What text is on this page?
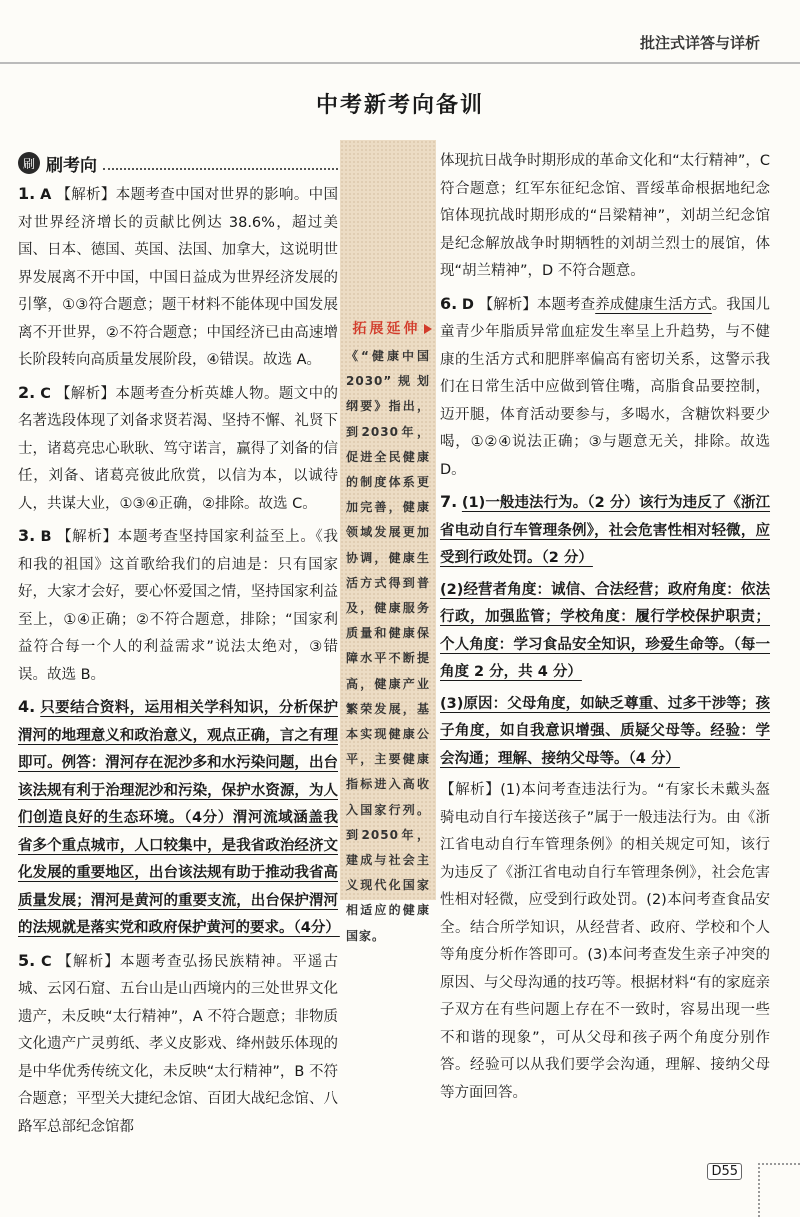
批注式详答与详析
中考新考向备训
拓展延伸
《“健康中国2030”规划纲要》指出，到2030年，促进全民健康的制度体系更加完善，健康领域发展更加协调，健康生活方式得到普及，健康服务质量和健康保障水平不断提高，健康产业繁荣发展，基本实现健康公平，主要健康指标进入高收入国家行列。到2050年，建成与社会主义现代化国家相适应的健康国家。
刷 刷考向

1. A 【解析】本题考查中国对世界的影响。中国对世界经济增长的贡献比例达 38.6%，超过美国、日本、德国、英国、法国、加拿大，这说明世界发展离不开中国，中国日益成为世界经济发展的引擎，①③符合题意；题干材料不能体现中国发展离不开世界，②不符合题意；中国经济已由高速增长阶段转向高质量发展阶段，④错误。故选 A。

2. C 【解析】本题考查分析英雄人物。题文中的名著选段体现了刘备求贤若渴、坚持不懈、礼贤下士，诸葛亮忠心耿耿、笃守诺言，赢得了刘备的信任，刘备、诸葛亮彼此欣赏，以信为本，以诚待人，共谋大业，①③④正确，②排除。故选 C。

3. B 【解析】本题考查坚持国家利益至上。《我和我的祖国》这首歌给我们的启迪是：只有国家好，大家才会好，要心怀爱国之情，坚持国家利益至上，①④正确；②不符合题意，排除；“国家利益符合每一个人的利益需求”说法太绝对，③错误。故选 B。

4. 只要结合资料，运用相关学科知识，分析保护渭河的地理意义和政治意义，观点正确，言之有理即可。例答：渭河存在泥沙多和水污染问题，出台该法规有利于治理泥沙和污染，保护水资源，为人们创造良好的生态环境。（4分）渭河流域涵盖我省多个重点城市，人口较集中，是我省政治经济文化发展的重要地区，出台该法规有助于推动我省高质量发展；渭河是黄河的重要支流，出台保护渭河的法规就是落实党和政府保护黄河的要求。（4分）

5. C 【解析】本题考查弘扬民族精神。平遥古城、云冈石窟、五台山是山西境内的三处世界文化遗产，未反映“太行精神”，A 不符合题意；非物质文化遗产广灵剪纸、孝义皮影戏、绛州鼓乐体现的是中华优秀传统文化，未反映“太行精神”，B 不符合题意；平型关大捷纪念馆、百团大战纪念馆、八路军总部纪念馆都

体现抗日战争时期形成的革命文化和“太行精神”，C 符合题意；红军东征纪念馆、晋绥革命根据地纪念馆体现抗战时期形成的“吕梁精神”，刘胡兰纪念馆是纪念解放战争时期牺牲的刘胡兰烈士的展馆，体现“胡兰精神”，D 不符合题意。

6. D 【解析】本题考查养成健康生活方式。我国儿童青少年脂质异常血症发生率呈上升趋势，与不健康的生活方式和肥胖率偏高有密切关系，这警示我们在日常生活中应做到管住嘴，高脂食品要控制，迈开腿，体育活动要参与，多喝水，含糖饮料要少喝，①②④说法正确；③与题意无关，排除。故选 D。

7. (1)一般违法行为。（2 分）该行为违反了《浙江省电动自行车管理条例》，社会危害性相对轻微，应受到行政处罚。（2 分）

(2)经营者角度：诚信、合法经营；政府角度：依法行政，加强监管；学校角度：履行学校保护职责；个人角度：学习食品安全知识，珍爱生命等。（每一角度 2 分，共 4 分）

(3)原因：父母角度，如缺乏尊重、过多干涉等；孩子角度，如自我意识增强、质疑父母等。经验：学会沟通；理解、接纳父母等。（4 分）

【解析】(1)本问考查违法行为。“有家长未戴头盔骑电动自行车接送孩子”属于一般违法行为。由《浙江省电动自行车管理条例》的相关规定可知，该行为违反了《浙江省电动自行车管理条例》，社会危害性相对轻微，应受到行政处罚。(2)本问考查食品安全。结合所学知识，从经营者、政府、学校和个人等角度分析作答即可。(3)本问考查发生亲子冲突的原因、与父母沟通的技巧等。根据材料“有的家庭亲子双方在有些问题上存在不一致时，容易出现一些不和谐的现象”，可从父母和孩子两个角度分别作答。经验可以从我们要学会沟通，理解、接纳父母等方面回答。

D55
